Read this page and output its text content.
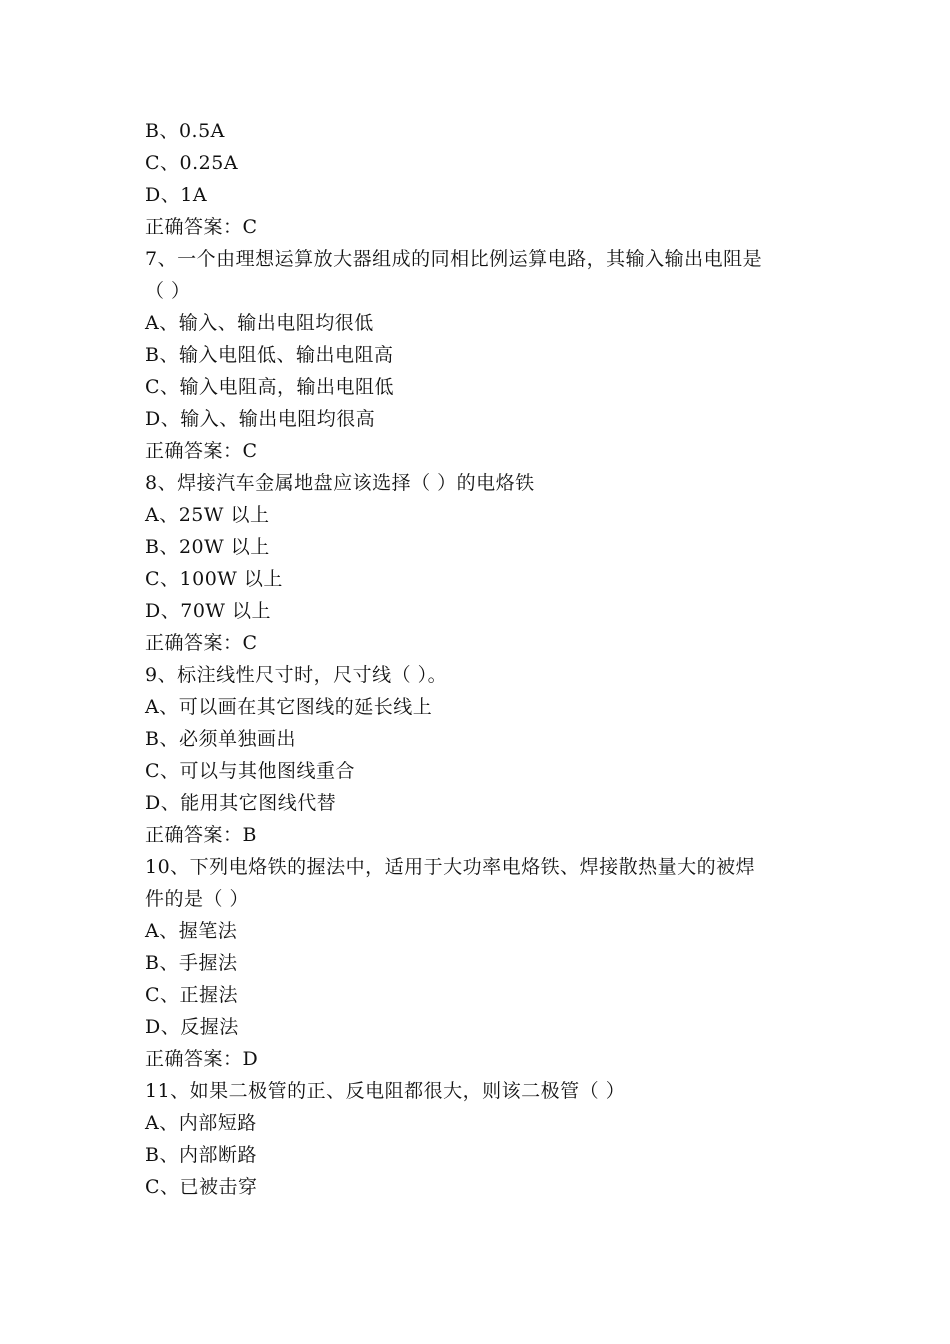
B、0.5A
C、0.25A
D、1A
正确答案：C
7、一个由理想运算放大器组成的同相比例运算电路，其输入输出电阻是
（ ）
A、输入、输出电阻均很低
B、输入电阻低、输出电阻高
C、输入电阻高，输出电阻低
D、输入、输出电阻均很高
正确答案：C
8、焊接汽车金属地盘应该选择（ ）的电烙铁
A、25W 以上
B、20W 以上
C、100W 以上
D、70W 以上
正确答案：C
9、标注线性尺寸时，尺寸线（ ）。
A、可以画在其它图线的延长线上
B、必须单独画出
C、可以与其他图线重合
D、能用其它图线代替
正确答案：B
10、下列电烙铁的握法中，适用于大功率电烙铁、焊接散热量大的被焊
件的是（ ）
A、握笔法
B、手握法
C、正握法
D、反握法
正确答案：D
11、如果二极管的正、反电阻都很大，则该二极管（ ）
A、内部短路
B、内部断路
C、已被击穿
